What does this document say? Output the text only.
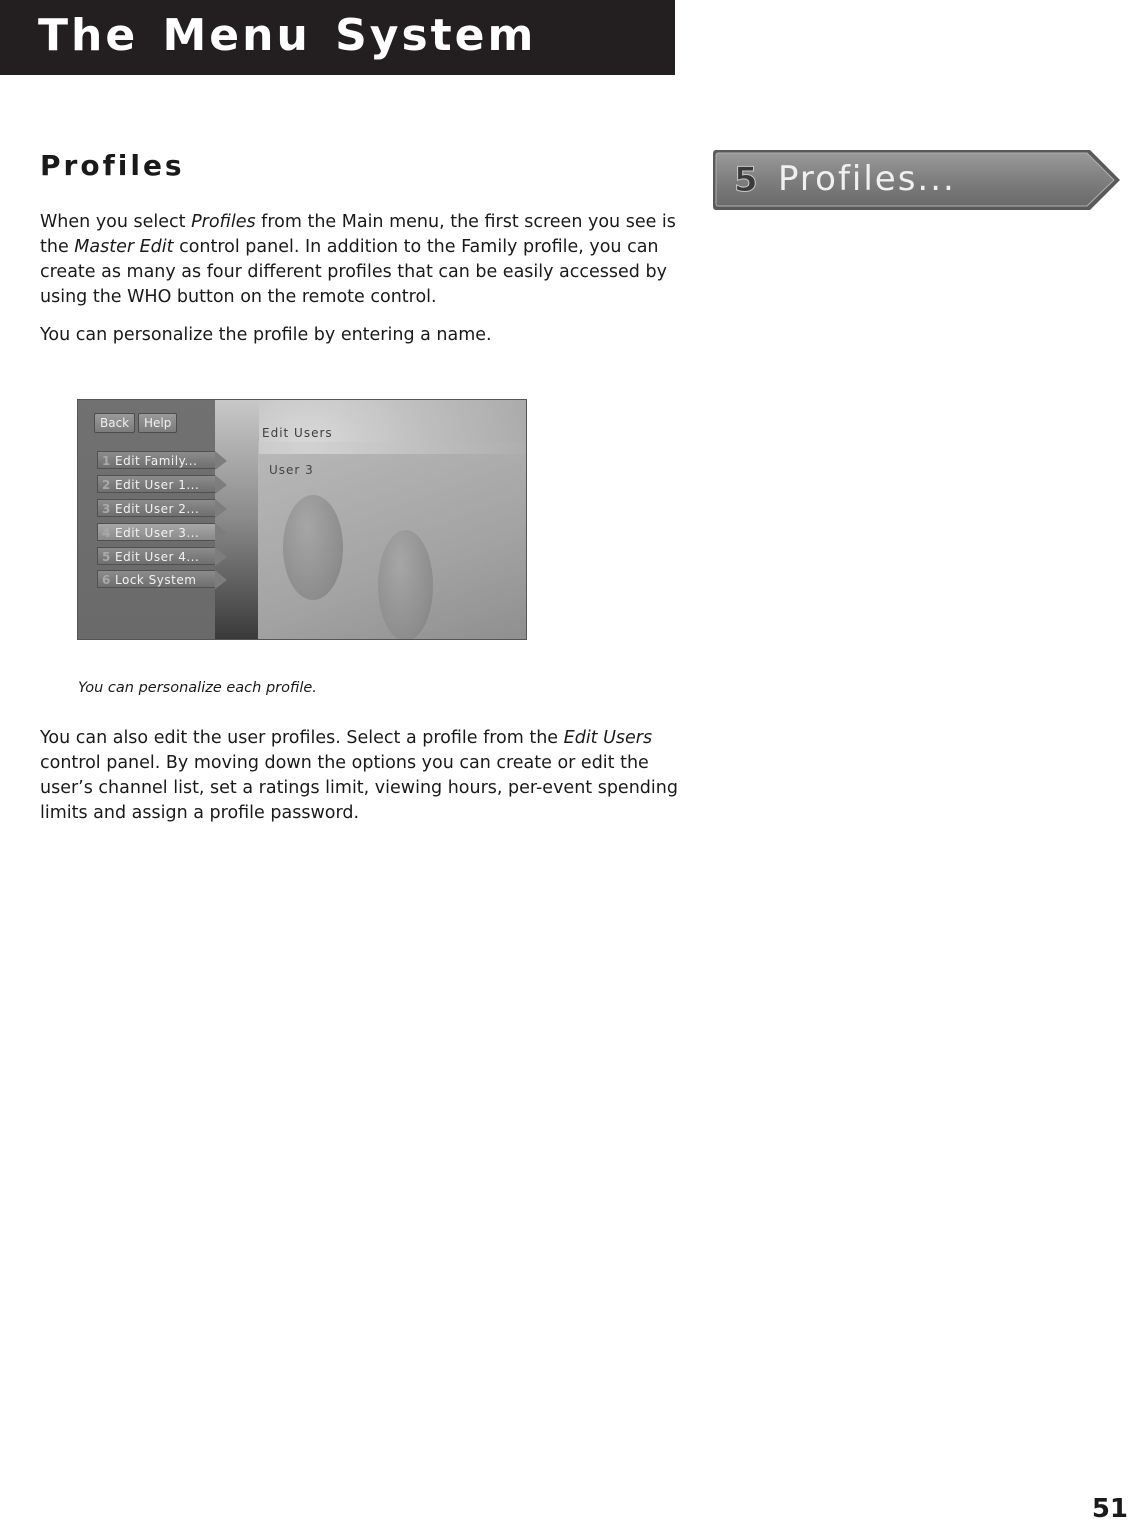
The Menu System
Profiles

When you select Profiles from the Main menu, the first screen you see is the Master Edit control panel. In addition to the Family profile, you can create as many as four different profiles that can be easily accessed by using the WHO button on the remote control.

You can personalize the profile by entering a name.

5 Profiles...
Back	Help
Edit Users
User 3
1 Edit Family...
2 Edit User 1...
3 Edit User 2...
4 Edit User 3...
5 Edit User 4...
6 Lock System
You can personalize each profile.

You can also edit the user profiles. Select a profile from the Edit Users control panel. By moving down the options you can create or edit the user’s channel list, set a ratings limit, viewing hours, per-event spending limits and assign a profile password.

51
